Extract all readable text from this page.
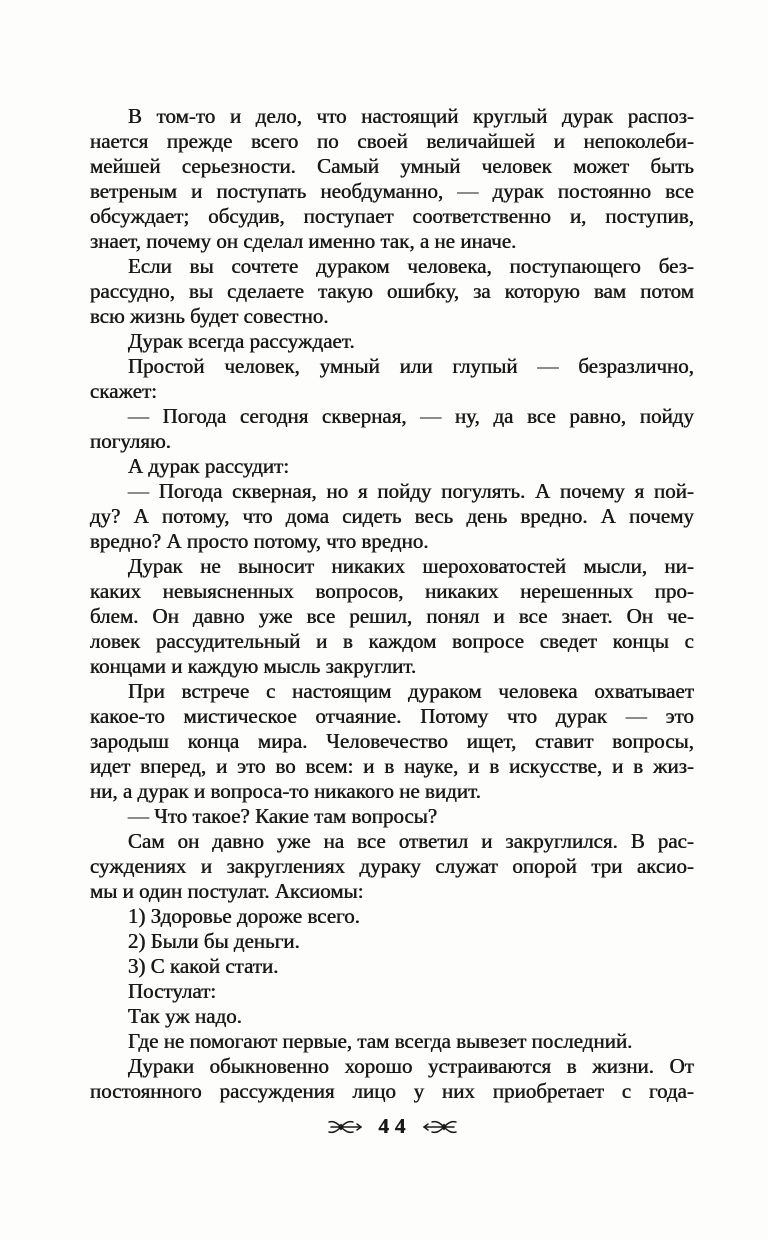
В том-то и дело, что настоящий круглый дурак распоз-
нается прежде всего по своей величайшей и непоколеби-
мейшей серьезности. Самый умный человек может быть
ветреным и поступать необдуманно, — дурак постоянно все
обсуждает; обсудив, поступает соответственно и, поступив,
знает, почему он сделал именно так, а не иначе.
Если вы сочтете дураком человека, поступающего без-
рассудно, вы сделаете такую ошибку, за которую вам потом
всю жизнь будет совестно.
Дурак всегда рассуждает.
Простой человек, умный или глупый — безразлично,
скажет:
— Погода сегодня скверная, — ну, да все равно, пойду
погуляю.
А дурак рассудит:
— Погода скверная, но я пойду погулять. А почему я пой-
ду? А потому, что дома сидеть весь день вредно. А почему
вредно? А просто потому, что вредно.
Дурак не выносит никаких шероховатостей мысли, ни-
каких невыясненных вопросов, никаких нерешенных про-
блем. Он давно уже все решил, понял и все знает. Он че-
ловек рассудительный и в каждом вопросе сведет концы с
концами и каждую мысль закруглит.
При встрече с настоящим дураком человека охватывает
какое-то мистическое отчаяние. Потому что дурак — это
зародыш конца мира. Человечество ищет, ставит вопросы,
идет вперед, и это во всем: и в науке, и в искусстве, и в жиз-
ни, а дурак и вопроса-то никакого не видит.
— Что такое? Какие там вопросы?
Сам он давно уже на все ответил и закруглился. В рас-
суждениях и закруглениях дураку служат опорой три аксио-
мы и один постулат. Аксиомы:
1) Здоровье дороже всего.
2) Были бы деньги.
3) С какой стати.
Постулат:
Так уж надо.
Где не помогают первые, там всегда вывезет последний.
Дураки обыкновенно хорошо устраиваются в жизни. От
постоянного рассуждения лицо у них приобретает с года-
44
